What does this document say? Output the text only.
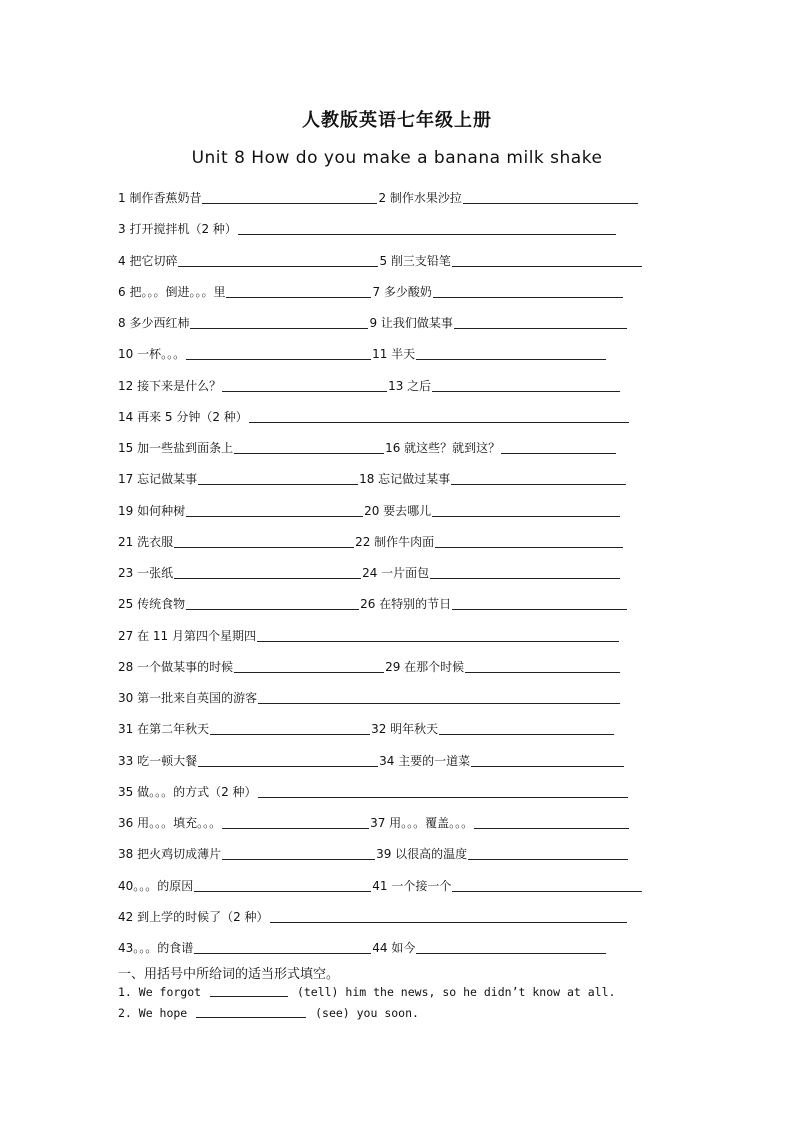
人教版英语七年级上册
Unit 8 How do you make a banana milk shake
1 制作香蕉奶昔	2 制作水果沙拉
3 打开搅拌机（2 种）
4 把它切碎	5 削三支铅笔
6 把。。。倒进。。。里	7 多少酸奶
8 多少西红柿	9 让我们做某事
10 一杯。。。	11 半天
12 接下来是什么？	13 之后
14 再来 5 分钟（2 种）
15 加一些盐到面条上	16 就这些？就到这？
17 忘记做某事	18 忘记做过某事
19 如何种树	20 要去哪儿
21 洗衣服	22 制作牛肉面
23 一张纸	24 一片面包
25 传统食物	26 在特别的节日
27 在 11 月第四个星期四
28 一个做某事的时候	29 在那个时候
30 第一批来自英国的游客
31 在第二年秋天	32 明年秋天
33 吃一顿大餐	34 主要的一道菜
35 做。。。的方式（2 种）
36 用。。。填充。。。	37 用。。。覆盖。。。
38 把火鸡切成薄片	39 以很高的温度
40。。。的原因	41 一个接一个
42 到上学的时候了（2 种）
43。。。的食谱	44 如今
一、用括号中所给词的适当形式填空。
1. We forgot	(tell) him the news, so he didn’t know at all.
2. We hope	(see) you soon.
